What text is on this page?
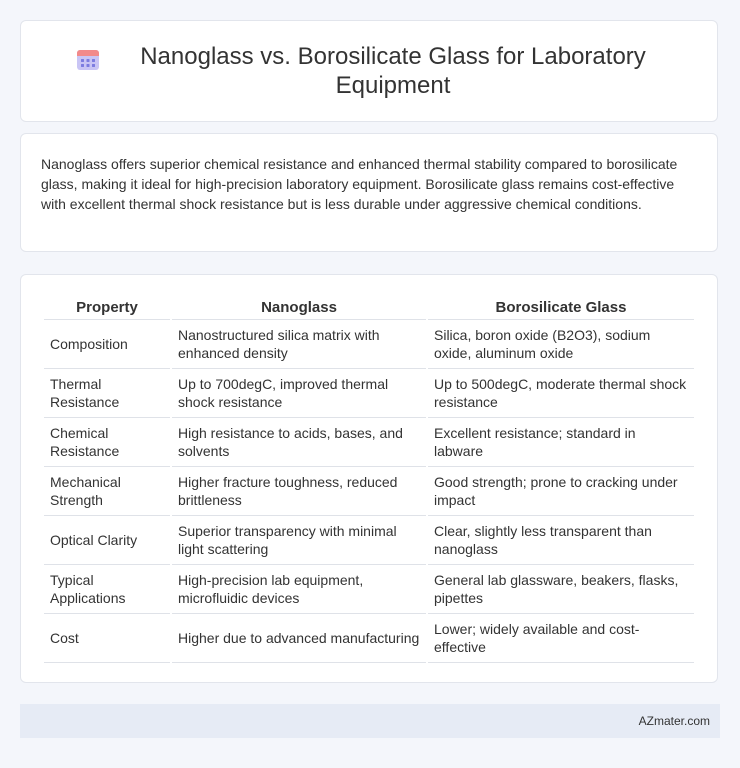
Nanoglass vs. Borosilicate Glass for Laboratory Equipment

Nanoglass offers superior chemical resistance and enhanced thermal stability compared to borosilicate glass, making it ideal for high-precision laboratory equipment. Borosilicate glass remains cost-effective with excellent thermal shock resistance but is less durable under aggressive chemical conditions.

Property	Nanoglass	Borosilicate Glass
Composition	Nanostructured silica matrix with enhanced density	Silica, boron oxide (B2O3), sodium oxide, aluminum oxide
Thermal Resistance	Up to 700degC, improved thermal shock resistance	Up to 500degC, moderate thermal shock resistance
Chemical Resistance	High resistance to acids, bases, and solvents	Excellent resistance; standard in labware
Mechanical Strength	Higher fracture toughness, reduced brittleness	Good strength; prone to cracking under impact
Optical Clarity	Superior transparency with minimal light scattering	Clear, slightly less transparent than nanoglass
Typical Applications	High-precision lab equipment, microfluidic devices	General lab glassware, beakers, flasks, pipettes
Cost	Higher due to advanced manufacturing	Lower; widely available and cost-effective
AZmater.com
